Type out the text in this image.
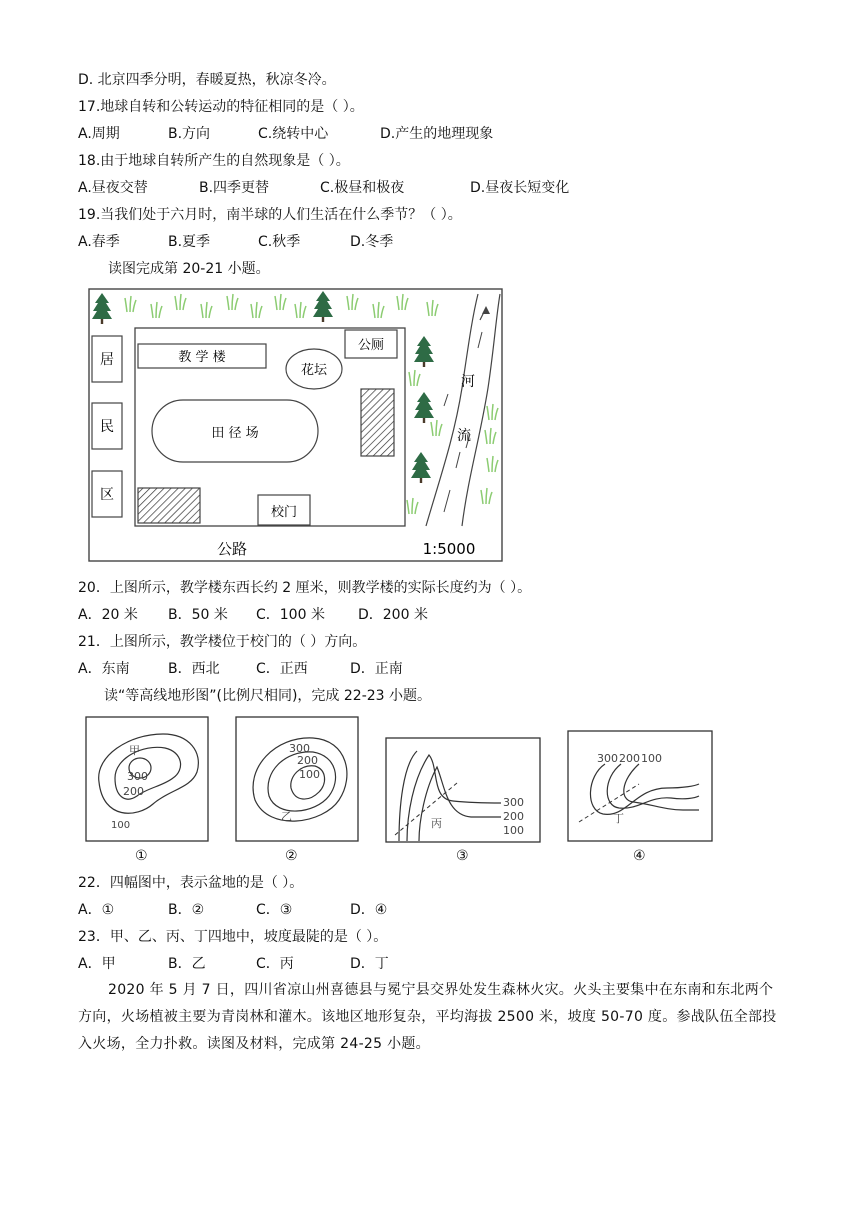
D. 北京四季分明，春暖夏热，秋凉冬冷。
17.地球自转和公转运动的特征相同的是（ ）。
A.周期	B.方向	C.绕转中心	D.产生的地理现象
18.由于地球自转所产生的自然现象是（ ）。
A.昼夜交替	B.四季更替	C.极昼和极夜	D.昼夜长短变化
19.当我们处于六月时，南半球的人们生活在什么季节？（ ）。
A.春季	B.夏季	C.秋季	D.冬季
读图完成第 20-21 小题。
居
民
区
教 学 楼
花坛
公厕
田 径 场
校门
河
流
公路	1:5000
20．上图所示，教学楼东西长约 2 厘米，则教学楼的实际长度约为（ ）。
A．20 米 B．50 米 C．100 米 D．200 米
21．上图所示，教学楼位于校门的（ ）方向。
A．东南	B．西北	C．正西	D．正南
读“等高线地形图”(比例尺相同)，完成 22-23 小题。
甲
300
200
100
①
300
200
100
乙
②
300
200
100
丙
③
300 200 100
丁
④
22．四幅图中，表示盆地的是（ ）。
A．①	B．②	C．③	D．④
23．甲、乙、丙、丁四地中，坡度最陡的是（ ）。
A．甲	B．乙	C．丙	D．丁
2020 年 5 月 7 日，四川省凉山州喜德县与冕宁县交界处发生森林火灾。火头主要集中在东南和东北两个方向，火场植被主要为青岗林和灌木。该地区地形复杂，平均海拔 2500 米，坡度 50-70 度。参战队伍全部投入火场，全力扑救。读图及材料，完成第 24-25 小题。
